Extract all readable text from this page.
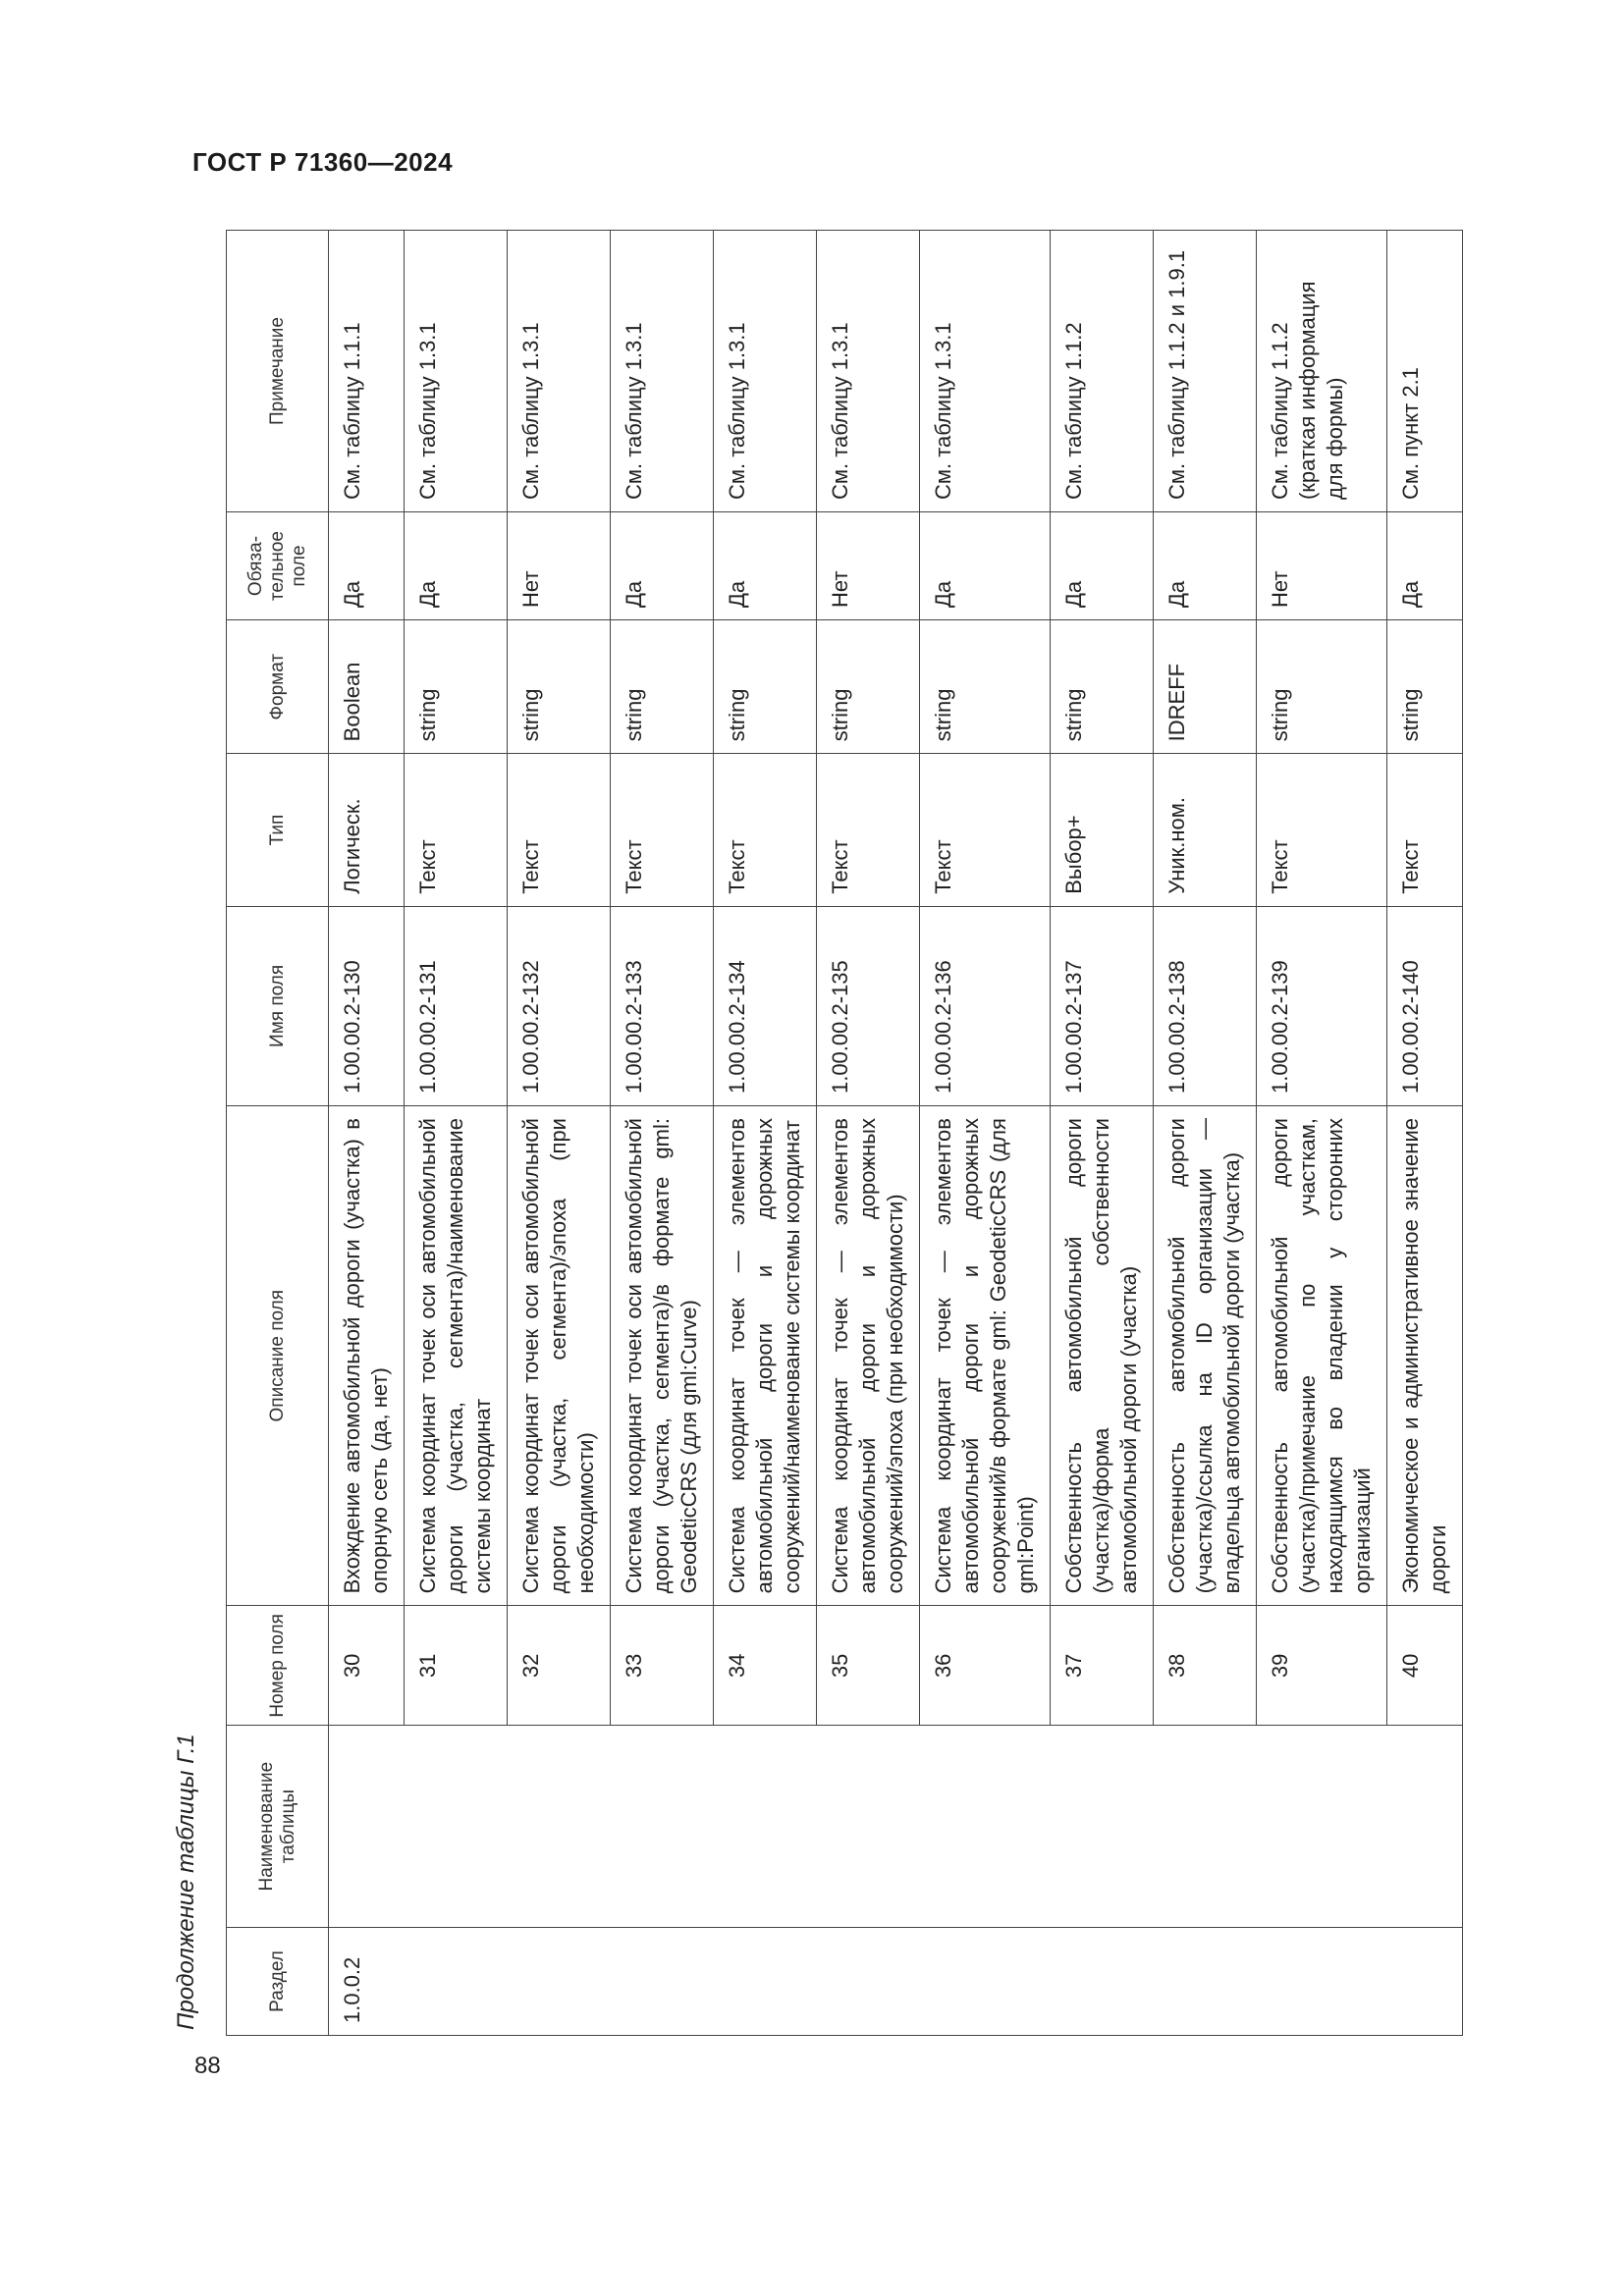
ГОСТ Р 71360—2024
88
Продолжение таблицы Г.1	Раздел	Наименование таблицы	Номер поля	Описание поля	Имя поля	Тип	Формат	Обяза- тельное поле	Примечание
1.0.0.2		30	Вхождение автомобильной дороги (участка) в опорную сеть (да, нет)	1.00.00.2-130	Логическ.	Boolean	Да	См. таблицу 1.1.1
		31	Система координат точек оси автомобильной дороги (участка, сегмента)/наименование системы координат	1.00.00.2-131	Текст	string	Да	См. таблицу 1.3.1
		32	Система координат точек оси автомобильной дороги (участка, сегмента)/эпоха (при необходимости)	1.00.00.2-132	Текст	string	Нет	См. таблицу 1.3.1
		33	Система координат точек оси автомобильной дороги (участка, сегмента)/в формате gml: GeodeticCRS (для gml:Curve)	1.00.00.2-133	Текст	string	Да	См. таблицу 1.3.1
		34	Система координат точек — элементов автомобильной дороги и дорожных сооружений/наименование системы координат	1.00.00.2-134	Текст	string	Да	См. таблицу 1.3.1
		35	Система координат точек — элементов автомобильной дороги и дорожных сооружений/эпоха (при необходимости)	1.00.00.2-135	Текст	string	Нет	См. таблицу 1.3.1
		36	Система координат точек — элементов автомобильной дороги и дорожных сооружений/в формате gml: GeodeticCRS (для gml:Point)	1.00.00.2-136	Текст	string	Да	См. таблицу 1.3.1
		37	Собственность автомобильной дороги (участка)/форма собственности автомобильной дороги (участка)	1.00.00.2-137	Выбор+	string	Да	См. таблицу 1.1.2
		38	Собственность автомобильной дороги (участка)/ссылка на ID организации — владельца автомобильной дороги (участка)	1.00.00.2-138	Уник.ном.	IDREFF	Да	См. таблицу 1.1.2 и 1.9.1
		39	Собственность автомобильной дороги (участка)/примечание по участкам, находящимся во владении у сторонних организаций	1.00.00.2-139	Текст	string	Нет	См. таблицу 1.1.2 (краткая информация для формы)
		40	Экономическое и административное значение дороги	1.00.00.2-140	Текст	string	Да	См. пункт 2.1
